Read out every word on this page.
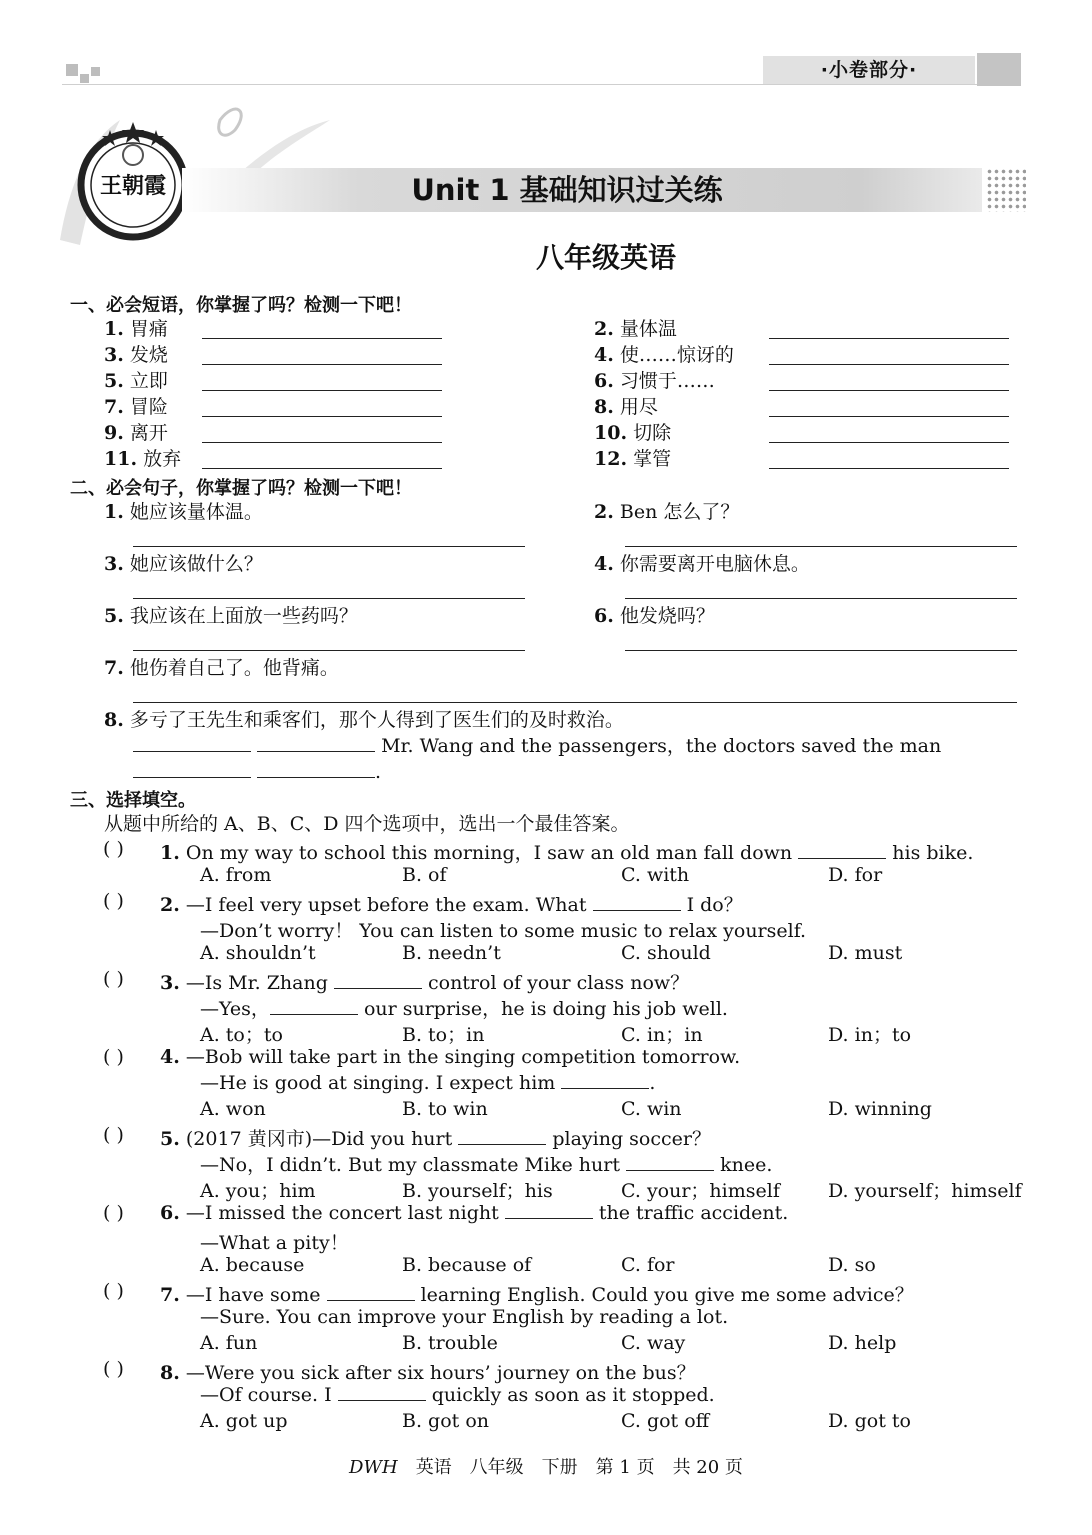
·小卷部分·
王朝霞	Unit 1 基础知识过关练
八年级英语
一、必会短语，你掌握了吗？检测一下吧！
1. 胃痛	2. 量体温
3. 发烧	4. 使……惊讶的
5. 立即	6. 习惯于……
7. 冒险	8. 用尽
9. 离开	10. 切除
11. 放弃	12. 掌管
二、必会句子，你掌握了吗？检测一下吧！
1. 她应该量体温。	2. Ben 怎么了？
3. 她应该做什么？	4. 你需要离开电脑休息。
5. 我应该在上面放一些药吗？	6. 他发烧吗？
7. 他伤着自己了。他背痛。
8. 多亏了王先生和乘客们，那个人得到了医生们的及时救治。
Mr. Wang and the passengers，the doctors saved the man
.
三、选择填空。
从题中所给的 A、B、C、D 四个选项中，选出一个最佳答案。
( ) 1. On my way to school this morning，I saw an old man fall down	his bike.
A. from	B. of	C. with	D. for
( ) 2. —I feel very upset before the exam. What	I do？
—Don’t worry！ You can listen to some music to relax yourself.
A. shouldn’t	B. needn’t	C. should	D. must
( ) 3. —Is Mr. Zhang	control of your class now？
—Yes，	our surprise，he is doing his job well.
A. to；to	B. to；in	C. in；in	D. in；to
( ) 4. —Bob will take part in the singing competition tomorrow.
—He is good at singing. I expect him	.
A. won	B. to win	C. win	D. winning
( ) 5. (2017 黄冈市)—Did you hurt	playing soccer？
—No，I didn’t. But my classmate Mike hurt	knee.
A. you；him	B. yourself；his	C. your；himself	D. yourself；himself
( ) 6. —I missed the concert last night	the traffic accident.
—What a pity！
A. because	B. because of	C. for	D. so
( ) 7. —I have some	learning English. Could you give me some advice？
—Sure. You can improve your English by reading a lot.
A. fun	B. trouble	C. way	D. help
( ) 8. —Were you sick after six hours’ journey on the bus？
—Of course. I	quickly as soon as it stopped.
A. got up	B. got on	C. got off	D. got to
DWH　 英语　八年级　下册　第 1 页　共 20 页
